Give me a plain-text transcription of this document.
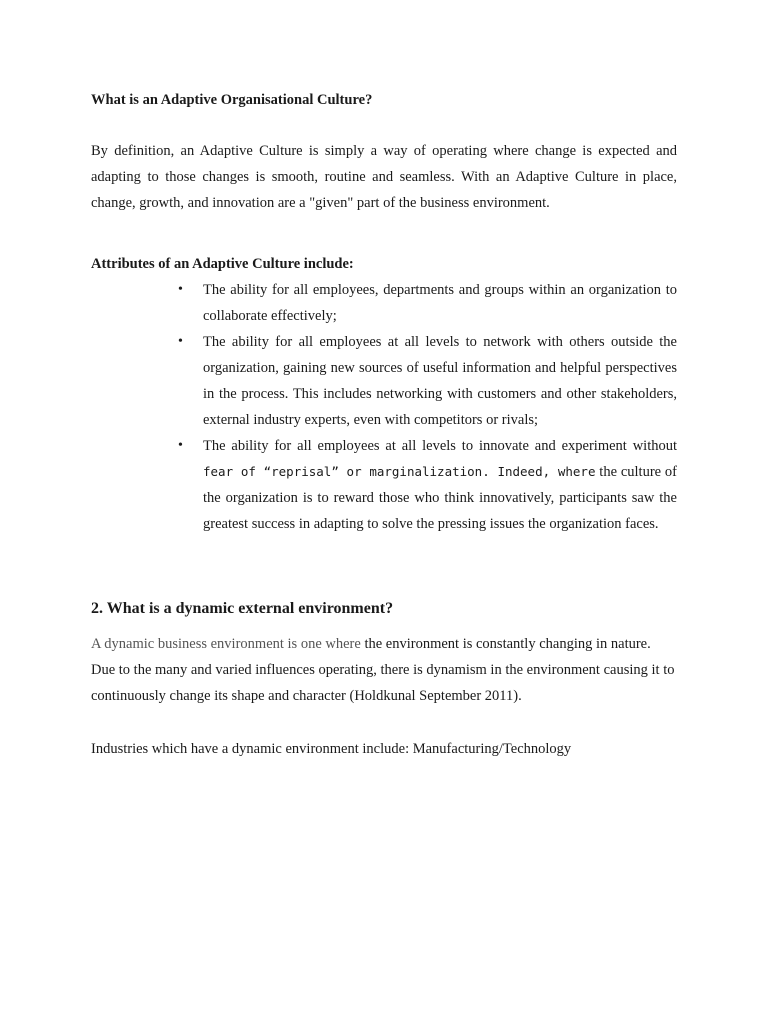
What is an Adaptive Organisational Culture?

By definition, an Adaptive Culture is simply a way of operating where change is expected and adapting to those changes is smooth, routine and seamless. With an Adaptive Culture in place, change, growth, and innovation are a "given" part of the business environment.

Attributes of an Adaptive Culture include:
• The ability for all employees, departments and groups within an organization to collaborate effectively;
• The ability for all employees at all levels to network with others outside the organization, gaining new sources of useful information and helpful perspectives in the process. This includes networking with customers and other stakeholders, external industry experts, even with competitors or rivals;
• The ability for all employees at all levels to innovate and experiment without fear of “reprisal” or marginalization. Indeed, where the culture of the organization is to reward those who think innovatively, participants saw the greatest success in adapting to solve the pressing issues the organization faces.
2. What is a dynamic external environment?

A dynamic business environment is one where the environment is constantly changing in nature. Due to the many and varied influences operating, there is dynamism in the environment causing it to continuously change its shape and character (Holdkunal September 2011).

Industries which have a dynamic environment include: Manufacturing/Technology
